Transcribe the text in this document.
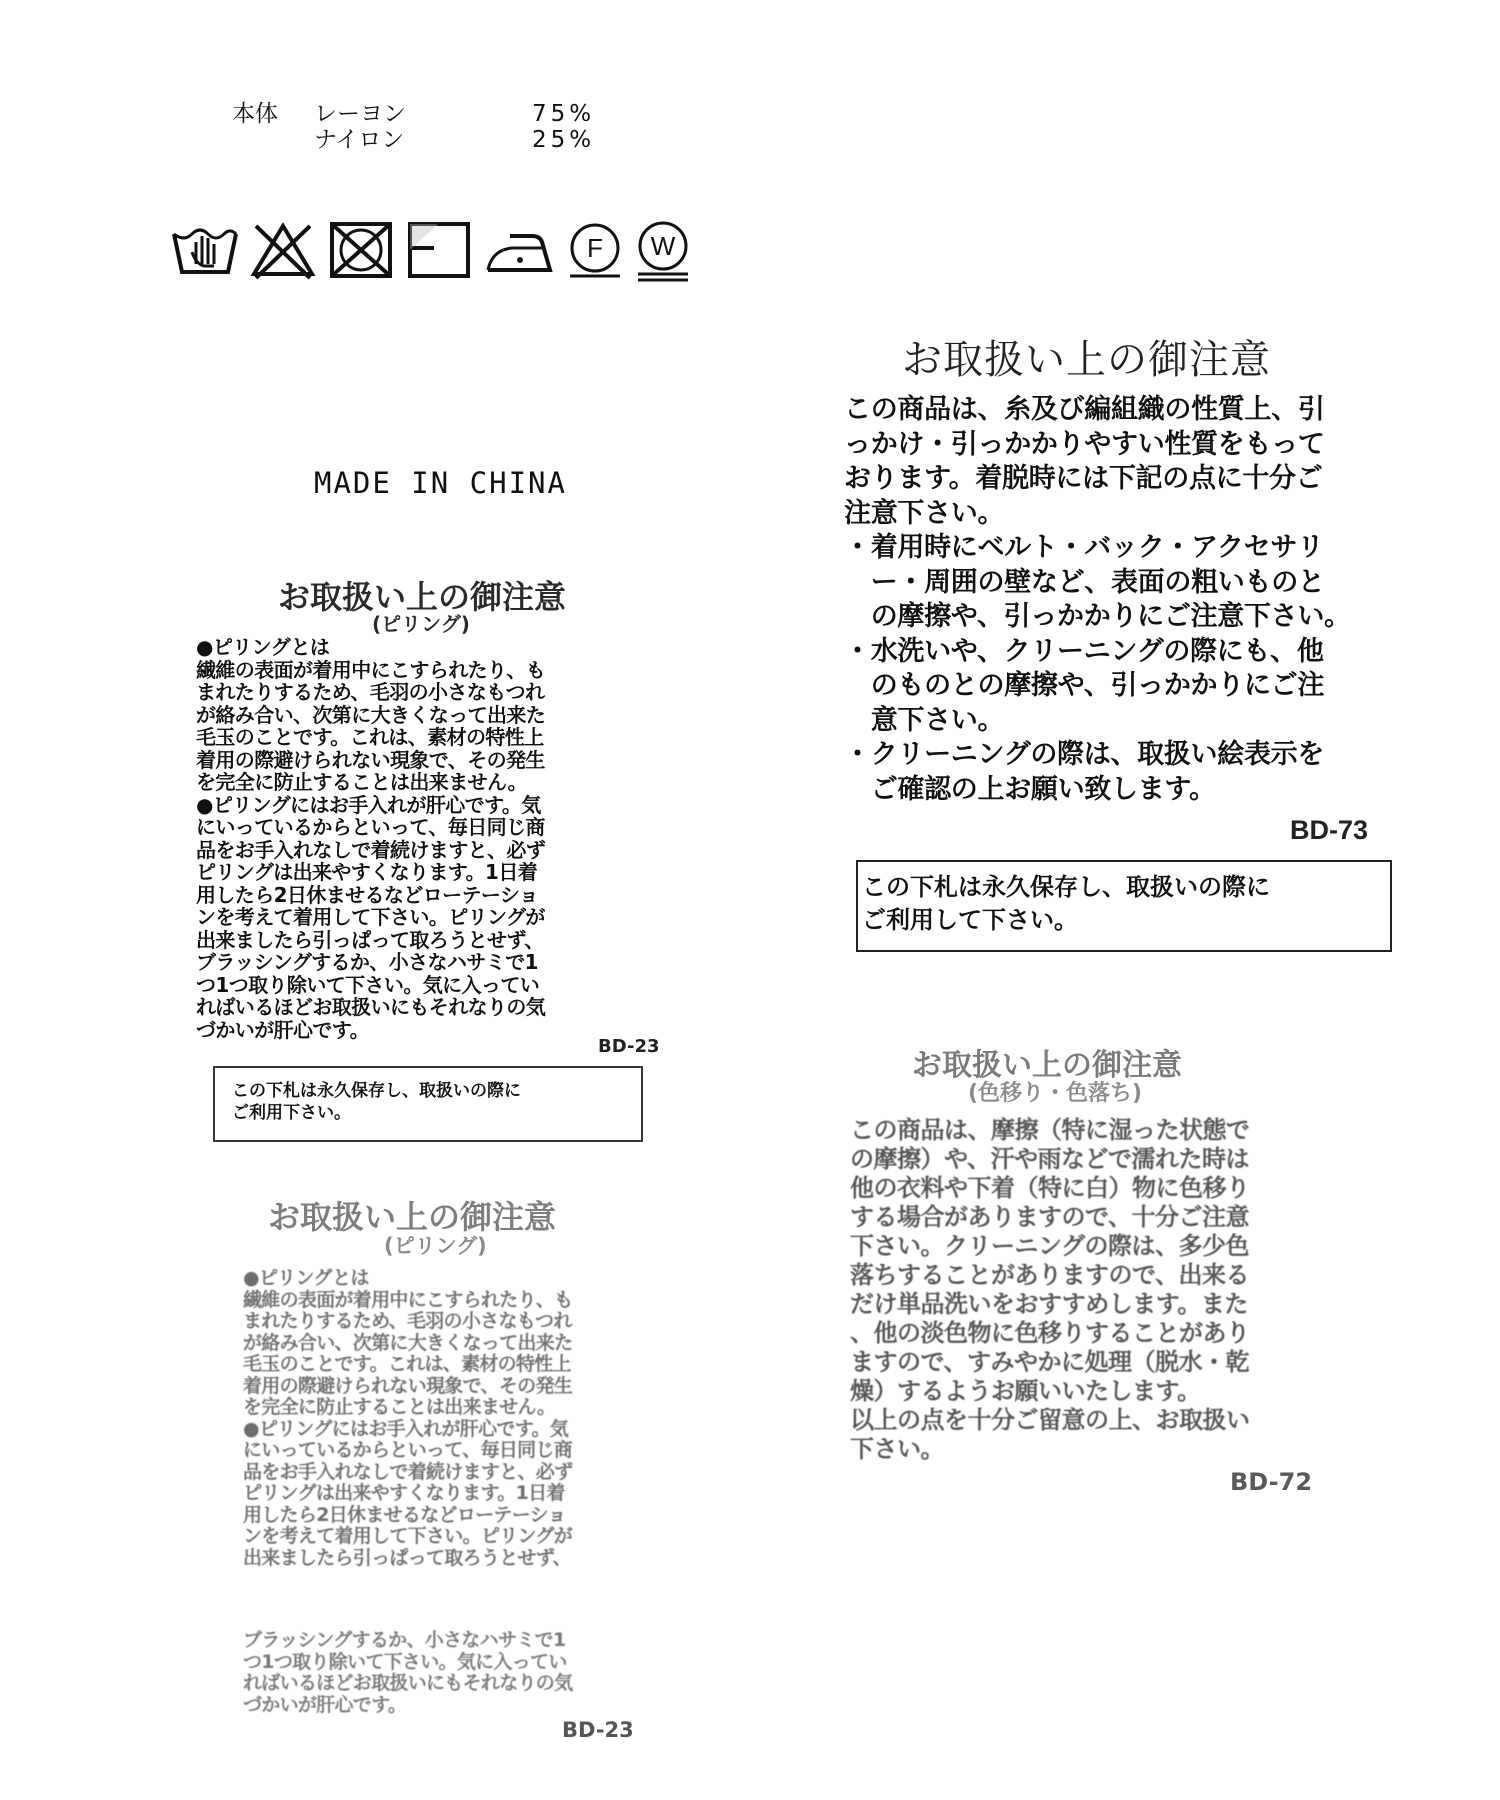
本体 レーヨン	75%
ナイロン	25%
F W
MADE IN CHINA
お取扱い上の御注意
(ピリング)
●ピリングとは
繊維の表面が着用中にこすられたり、も
まれたりするため、毛羽の小さなもつれ
が絡み合い、次第に大きくなって出来た
毛玉のことです。これは、素材の特性上
着用の際避けられない現象で、その発生
を完全に防止することは出来ません。
●ピリングにはお手入れが肝心です。気
にいっているからといって、毎日同じ商
品をお手入れなしで着続けますと、必ず
ピリングは出来やすくなります。1日着
用したら2日休ませるなどローテーショ
ンを考えて着用して下さい。ピリングが
出来ましたら引っぱって取ろうとせず、
ブラッシングするか、小さなハサミで1
つ1つ取り除いて下さい。気に入ってい
ればいるほどお取扱いにもそれなりの気
づかいが肝心です。
BD-23
この下札は永久保存し、取扱いの際に
ご利用下さい。
お取扱い上の御注意
(ピリング)
●ピリングとは
繊維の表面が着用中にこすられたり、も
まれたりするため、毛羽の小さなもつれ
が絡み合い、次第に大きくなって出来た
毛玉のことです。これは、素材の特性上
着用の際避けられない現象で、その発生
を完全に防止することは出来ません。
●ピリングにはお手入れが肝心です。気
にいっているからといって、毎日同じ商
品をお手入れなしで着続けますと、必ず
ピリングは出来やすくなります。1日着
用したら2日休ませるなどローテーショ
ンを考えて着用して下さい。ピリングが
出来ましたら引っぱって取ろうとせず、
ブラッシングするか、小さなハサミで1
つ1つ取り除いて下さい。気に入ってい
ればいるほどお取扱いにもそれなりの気
づかいが肝心です。
BD-23
お取扱い上の御注意
この商品は、糸及び編組織の性質上、引
っかけ・引っかかりやすい性質をもって
おります。着脱時には下記の点に十分ご
注意下さい。
・着用時にベルト・バック・アクセサリ
　ー・周囲の壁など、表面の粗いものと
　の摩擦や、引っかかりにご注意下さい。
・水洗いや、クリーニングの際にも、他
　のものとの摩擦や、引っかかりにご注
　意下さい。
・クリーニングの際は、取扱い絵表示を
　ご確認の上お願い致します。
BD-73
この下札は永久保存し、取扱いの際に
ご利用して下さい。
お取扱い上の御注意
(色移り・色落ち)
この商品は、摩擦（特に湿った状態で
の摩擦）や、汗や雨などで濡れた時は
他の衣料や下着（特に白）物に色移り
する場合がありますので、十分ご注意
下さい。クリーニングの際は、多少色
落ちすることがありますので、出来る
だけ単品洗いをおすすめします。また
、他の淡色物に色移りすることがあり
ますので、すみやかに処理（脱水・乾
燥）するようお願いいたします。
以上の点を十分ご留意の上、お取扱い
下さい。
BD-72
